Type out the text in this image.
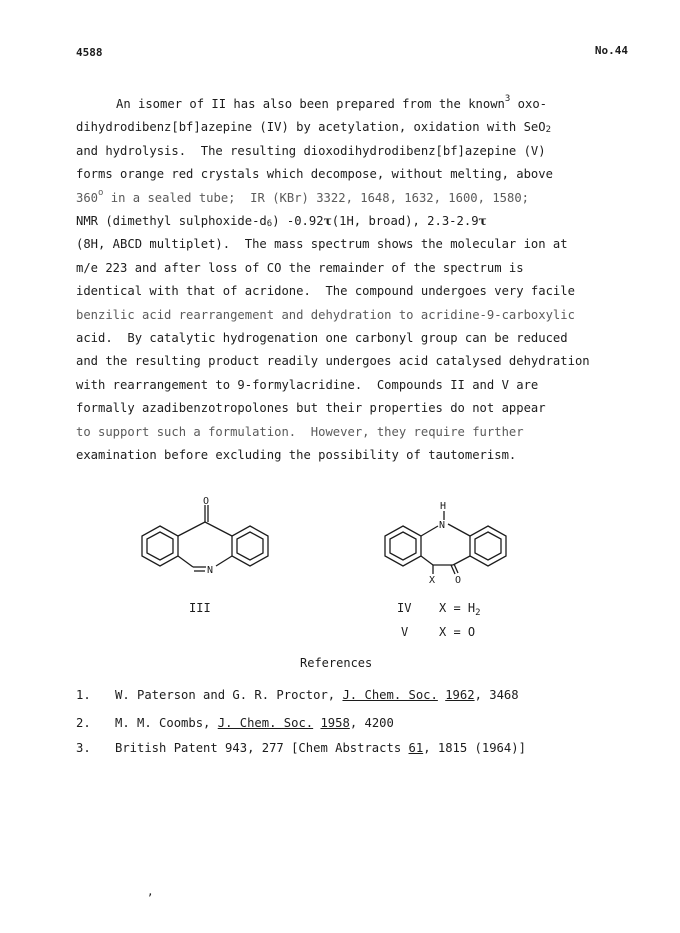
4588	No.44
An isomer of II has also been prepared from the known$^3$ oxo-
dihydrodibenz[bf]azepine (IV) by acetylation, oxidation with SeO$_2$
and hydrolysis.  The resulting dioxodihydrodibenz[bf]azepine (V)
forms orange red crystals which decompose, without melting, above
360$^o$ in a sealed tube;  IR (KBr) 3322, 1648, 1632, 1600, 1580;
NMR (dimethyl sulphoxide-$d_6$) -0.92τ(1H, broad), 2.3-2.9τ
(8H, ABCD multiplet).  The mass spectrum shows the molecular ion at
m/e 223 and after loss of CO the remainder of the spectrum is
identical with that of acridone.  The compound undergoes very facile
benzilic acid rearrangement and dehydration to acridine-9-carboxylic
acid.  By catalytic hydrogenation one carbonyl group can be reduced
and the resulting product readily undergoes acid catalysed dehydration
with rearrangement to 9-formylacridine.  Compounds II and V are
formally azadibenzotropolones but their properties do not appear
to support such a formulation.  However, they require further
examination before excluding the possibility of tautomerism.
O
N
III
H
N
X O
IV $X = H_2$
V	X = O
References
1. W. Paterson and G. R. Proctor, J. Chem. Soc. 1962, 3468
2. M. M. Coombs, J. Chem. Soc. 1958, 4200
3. British Patent 943, 277 [Chem Abstracts 61, 1815 (1964)]
,
